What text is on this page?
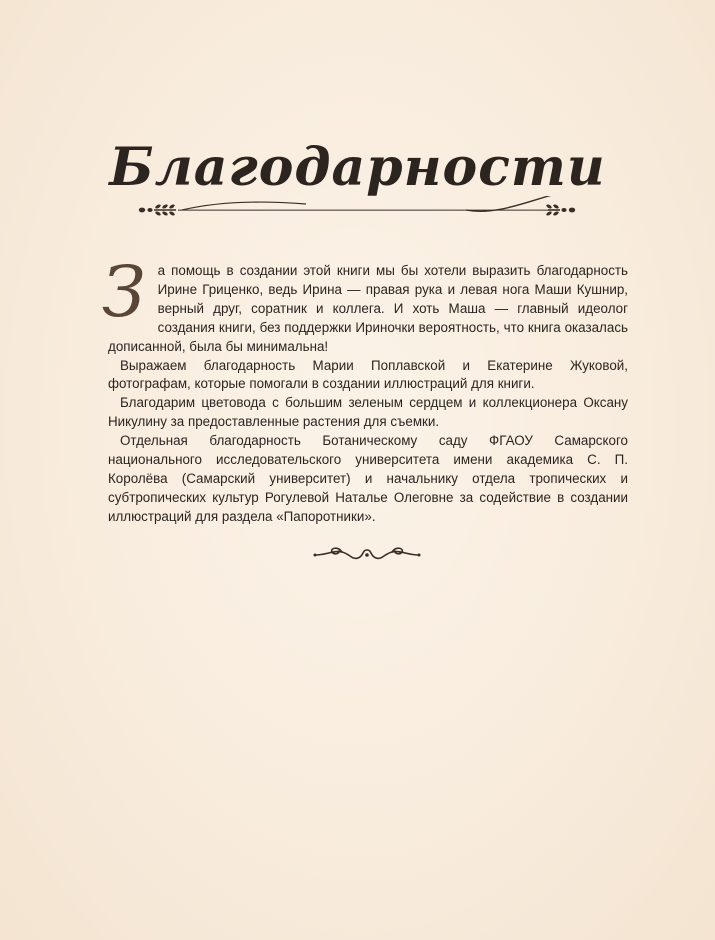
Благодарности

За помощь в создании этой книги мы бы хотели выразить благодарность Ирине Гриценко, ведь Ирина — правая рука и левая нога Маши Кушнир, верный друг, соратник и коллега. И хоть Маша — главный идеолог создания книги, без поддержки Ириночки вероятность, что книга оказалась дописанной, была бы минимальна!

Выражаем благодарность Марии Поплавской и Екатерине Жуковой, фотографам, которые помогали в создании иллюстраций для книги.

Благодарим цветовода с большим зеленым сердцем и коллекционера Оксану Никулину за предоставленные растения для съемки.

Отдельная благодарность Ботаническому саду ФГАОУ Самарского национального исследовательского университета имени академика С. П. Королёва (Самарский университет) и начальнику отдела тропических и субтропических культур Рогулевой Наталье Олеговне за содействие в создании иллюстраций для раздела «Папоротники».
